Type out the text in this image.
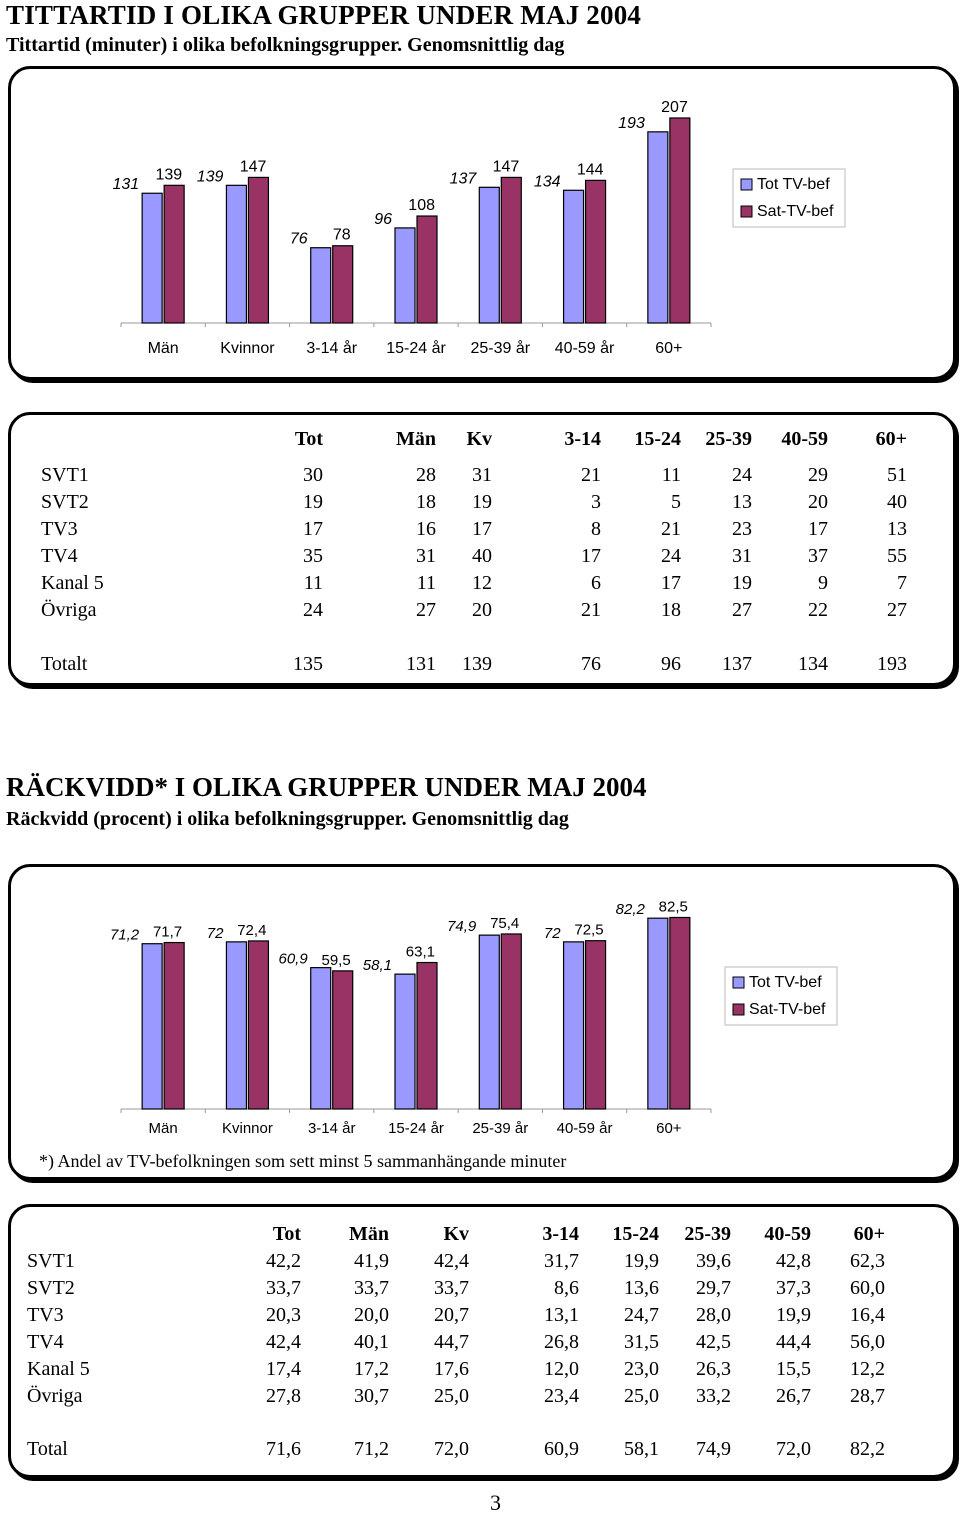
TITTARTID I OLIKA GRUPPER UNDER MAJ 2004
Tittartid (minuter) i olika befolkningsgrupper. Genomsnittlig dag
131
139
Män
139
147
Kvinnor
76 78
3-14 år
96
108
15-24 år
137
147
25-39 år
134
144
40-59 år
193
207
60+
Tot TV-bef
Sat-TV-bef
Tot	Män Kv	3-14 15-24 25-39 40-59 60+
SVT1	30	28 31	21	11	24	29	51
SVT2	19	18 19	3	5	13	20	40
TV3	17	16 17	8	21	23	17	13
TV4	35	31 40	17	24	31	37	55
Kanal 5	11	11 12	6	17	19	9	7
Övriga	24	27 20	21	18	27	22	27
Totalt	135	131 139	76	96 137 134 193
RÄCKVIDD* I OLIKA GRUPPER UNDER MAJ 2004
Räckvidd (procent) i olika befolkningsgrupper. Genomsnittlig dag
71,2 71,7
Män
72 72,4
Kvinnor
60,9 59,5
3-14 år
58,1
63,1
15-24 år
74,9 75,4
25-39 år
72 72,5
40-59 år
82,2 82,5
60+
Tot TV-bef
Sat-TV-bef
*) Andel av TV-befolkningen som sett minst 5 sammanhängande minuter
Tot Män	Kv	3-14 15-24 25-39 40-59 60+
SVT1	42,2	41,9 42,4	31,7 19,9 39,6 42,8 62,3
SVT2	33,7	33,7 33,7	8,6 13,6 29,7 37,3 60,0
TV3	20,3	20,0 20,7	13,1 24,7 28,0 19,9 16,4
TV4	42,4	40,1 44,7	26,8 31,5 42,5 44,4 56,0
Kanal 5	17,4	17,2 17,6	12,0 23,0 26,3 15,5 12,2
Övriga	27,8	30,7 25,0	23,4 25,0 33,2 26,7 28,7
Total	71,6	71,2 72,0	60,9 58,1 74,9 72,0 82,2
3
